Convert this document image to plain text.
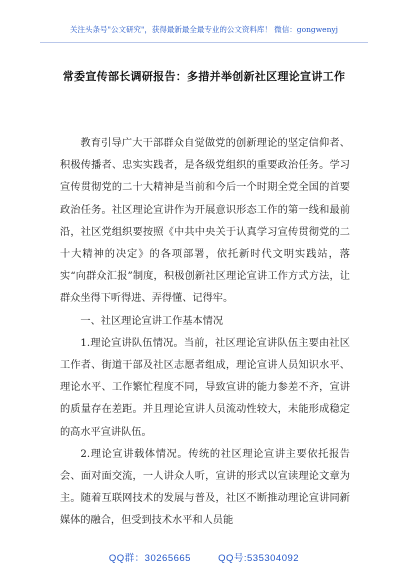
关注头条号"公文研究"，获得最新最全最专业的公文资料库！ 微信：gongwenyj
常委宣传部长调研报告：多措并举创新社区理论宣讲工作

教育引导广大干部群众自觉做党的创新理论的坚定信仰者、积极传播者、忠实实践者，是各级党组织的重要政治任务。学习宣传贯彻党的二十大精神是当前和今后一个时期全党全国的首要政治任务。社区理论宣讲作为开展意识形态工作的第一线和最前沿，社区党组织要按照《中共中央关于认真学习宣传贯彻党的二十大精神的决定》的各项部署，依托新时代文明实践站，落实“向群众汇报”制度，积极创新社区理论宣讲工作方式方法，让群众坐得下听得进、弄得懂、记得牢。

一、社区理论宣讲工作基本情况

1.理论宣讲队伍情况。当前，社区理论宣讲队伍主要由社区工作者、街道干部及社区志愿者组成，理论宣讲人员知识水平、理论水平、工作繁忙程度不同，导致宣讲的能力参差不齐，宣讲的质量存在差距。并且理论宣讲人员流动性较大，未能形成稳定的高水平宣讲队伍。

2.理论宣讲载体情况。传统的社区理论宣讲主要依托报告会、面对面交流，一人讲众人听，宣讲的形式以宣读理论文章为主。随着互联网技术的发展与普及，社区不断推动理论宣讲同新媒体的融合，但受到技术水平和人员能

QQ群：30265665	QQ号:535304092
